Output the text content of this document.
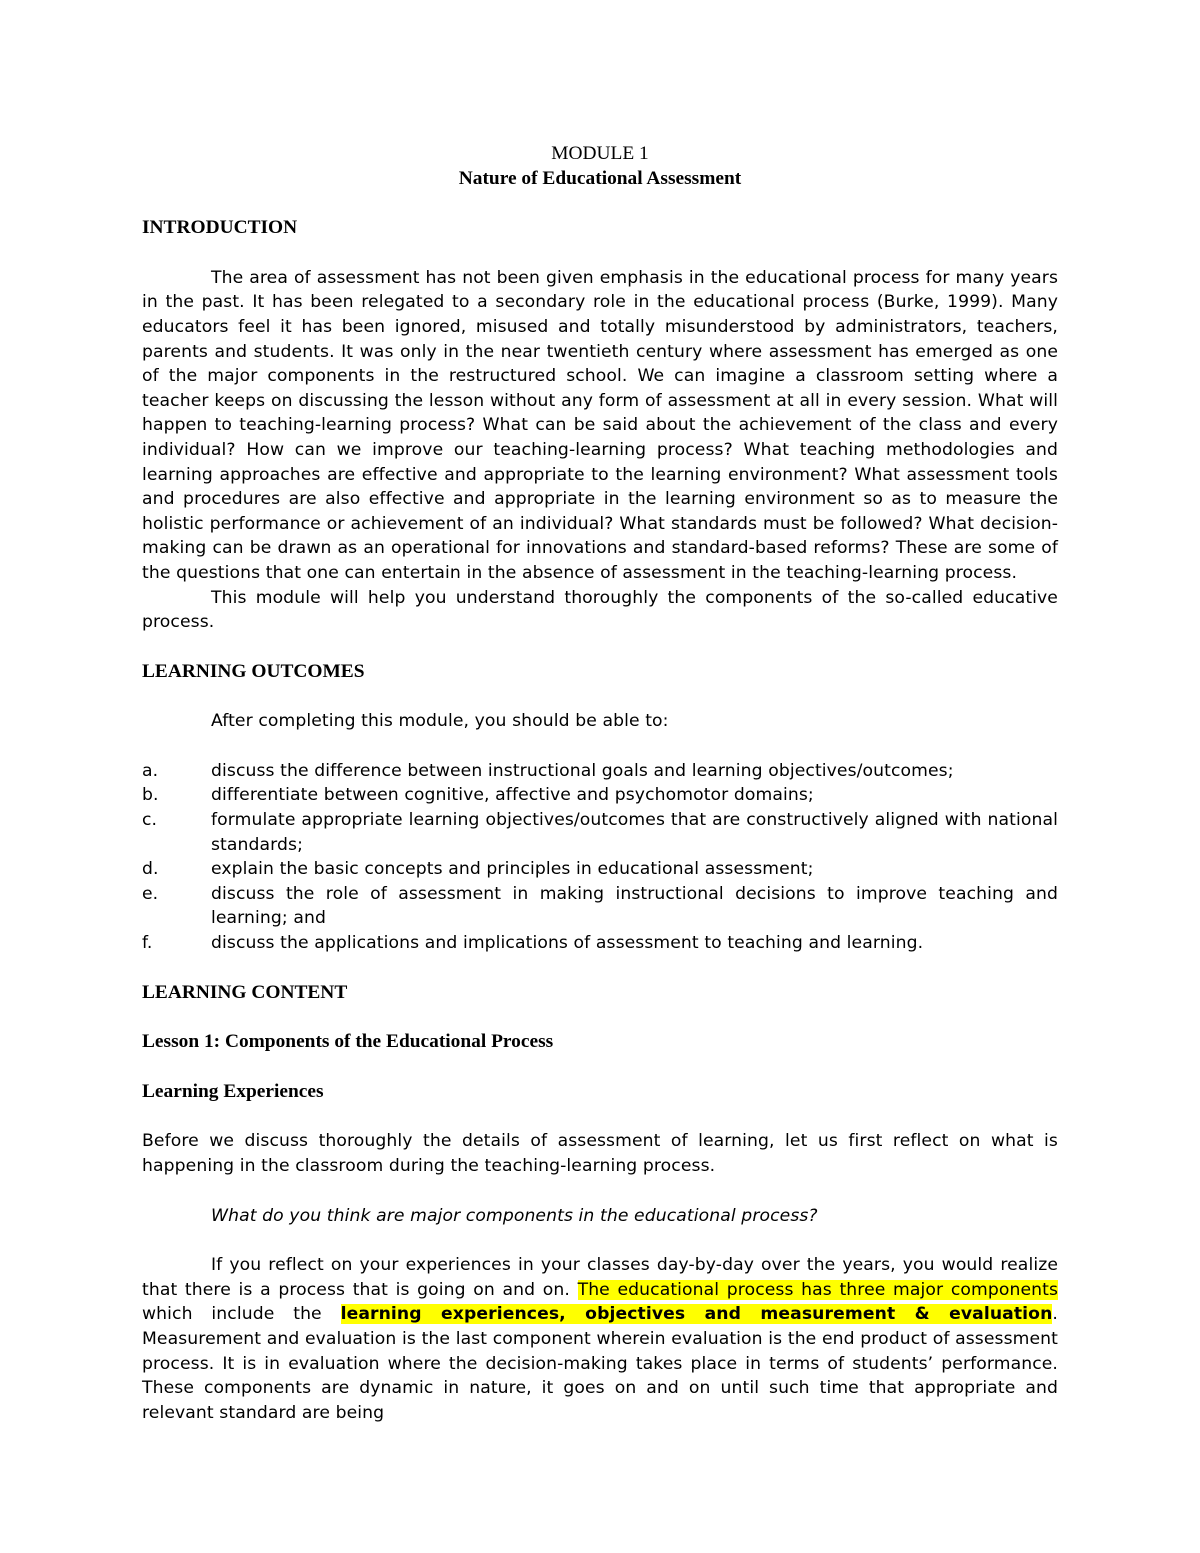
MODULE 1

Nature of Educational Assessment

INTRODUCTION

The area of assessment has not been given emphasis in the educational process for many years in the past. It has been relegated to a secondary role in the educational process (Burke, 1999). Many educators feel it has been ignored, misused and totally misunderstood by administrators, teachers, parents and students. It was only in the near twentieth century where assessment has emerged as one of the major components in the restructured school. We can imagine a classroom setting where a teacher keeps on discussing the lesson without any form of assessment at all in every session. What will happen to teaching-learning process? What can be said about the achievement of the class and every individual? How can we improve our teaching-learning process? What teaching methodologies and learning approaches are effective and appropriate to the learning environment? What assessment tools and procedures are also effective and appropriate in the learning environment so as to measure the holistic performance or achievement of an individual? What standards must be followed? What decision-making can be drawn as an operational for innovations and standard-based reforms? These are some of the questions that one can entertain in the absence of assessment in the teaching-learning process.

This module will help you understand thoroughly the components of the so-called educative process.

LEARNING OUTCOMES

After completing this module, you should be able to:

a.	discuss the difference between instructional goals and learning objectives/outcomes;
b.	differentiate between cognitive, affective and psychomotor domains;
c.	formulate appropriate learning objectives/outcomes that are constructively aligned with national standards;
d.	explain the basic concepts and principles in educational assessment;
e.	discuss the role of assessment in making instructional decisions to improve teaching and learning; and
f.	discuss the applications and implications of assessment to teaching and learning.
LEARNING CONTENT
Lesson 1: Components of the Educational Process
Learning Experiences

Before we discuss thoroughly the details of assessment of learning, let us first reflect on what is happening in the classroom during the teaching-learning process.

What do you think are major components in the educational process?

If you reflect on your experiences in your classes day-by-day over the years, you would realize that there is a process that is going on and on. The educational process has three major components which include the learning experiences, objectives and measurement & evaluation. Measurement and evaluation is the last component wherein evaluation is the end product of assessment process. It is in evaluation where the decision-making takes place in terms of students’ performance. These components are dynamic in nature, it goes on and on until such time that appropriate and relevant standard are being
